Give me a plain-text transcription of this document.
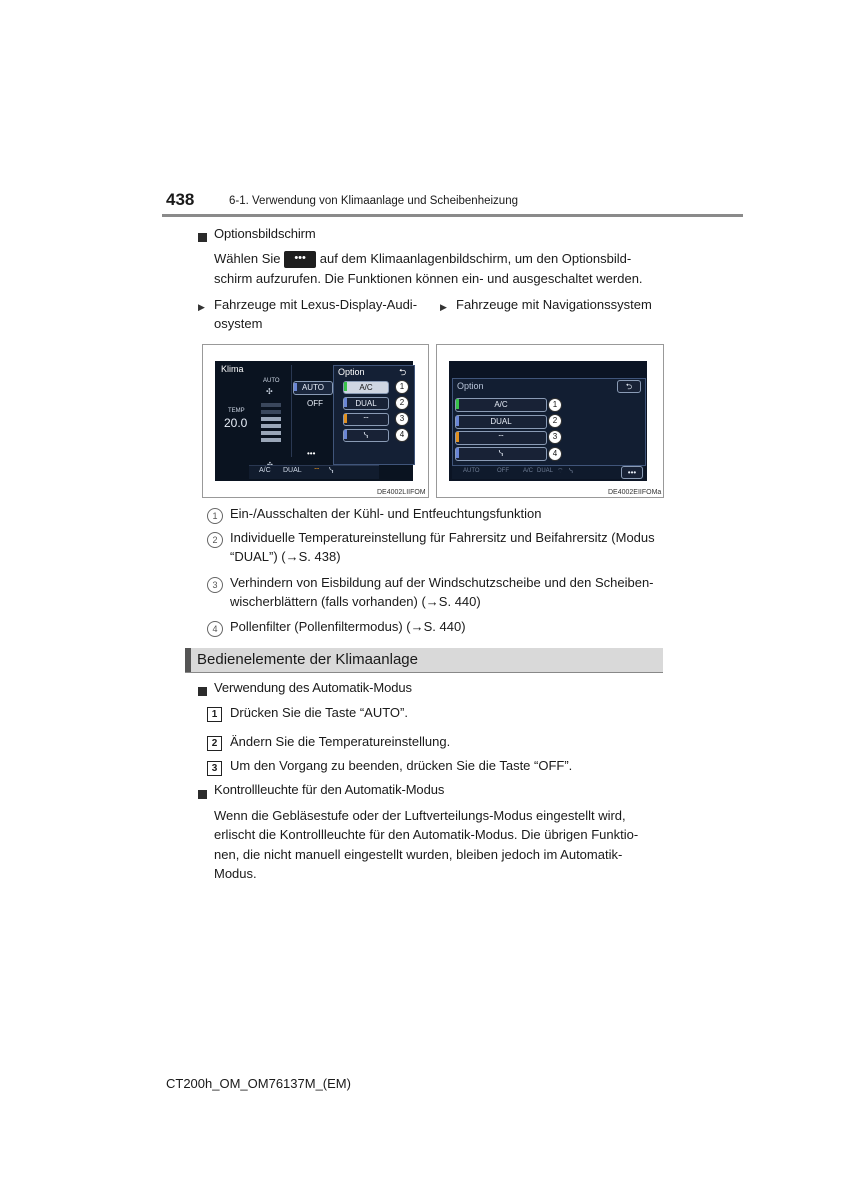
438	6-1. Verwendung von Klimaanlage und Scheibenheizung
Optionsbildschirm
Wählen Sie ••• auf dem Klimaanlagenbildschirm, um den Optionsbild-
schirm aufzurufen. Die Funktionen können ein- und ausgeschaltet werden.
▶ Fahrzeuge mit Lexus-Display-Audi-
osystem
▶ Fahrzeuge mit Navigationssystem
Klima
AUTO
✣
TEMP
20.0
AUTO
OFF
Option	⮌
A/C
DUAL
⌔
ᓭ
1
2
3
4
•••
A/C DUAL ⌔ ᓭ
DE4002LIIFOM
Option	⮌
A/C
DUAL
⌔
ᓭ
1
2
3
4
AUTO	OFF A/C DUAL ⌔ ᓭ	•••
DE4002EIIFOMa
1 Ein-/Ausschalten der Kühl- und Entfeuchtungsfunktion
2 Individuelle Temperatureinstellung für Fahrersitz und Beifahrersitz (Modus
“DUAL”) (→S. 438)
3 Verhindern von Eisbildung auf der Windschutzscheibe und den Scheiben-
wischerblättern (falls vorhanden) (→S. 440)
4 Pollenfilter (Pollenfiltermodus) (→S. 440)
Bedienelemente der Klimaanlage
Verwendung des Automatik-Modus
1 Drücken Sie die Taste “AUTO”.
2 Ändern Sie die Temperatureinstellung.
3 Um den Vorgang zu beenden, drücken Sie die Taste “OFF”.
Kontrollleuchte für den Automatik-Modus
Wenn die Gebläsestufe oder der Luftverteilungs-Modus eingestellt wird,
erlischt die Kontrollleuchte für den Automatik-Modus. Die übrigen Funktio-
nen, die nicht manuell eingestellt wurden, bleiben jedoch im Automatik-
Modus.
CT200h_OM_OM76137M_(EM)
